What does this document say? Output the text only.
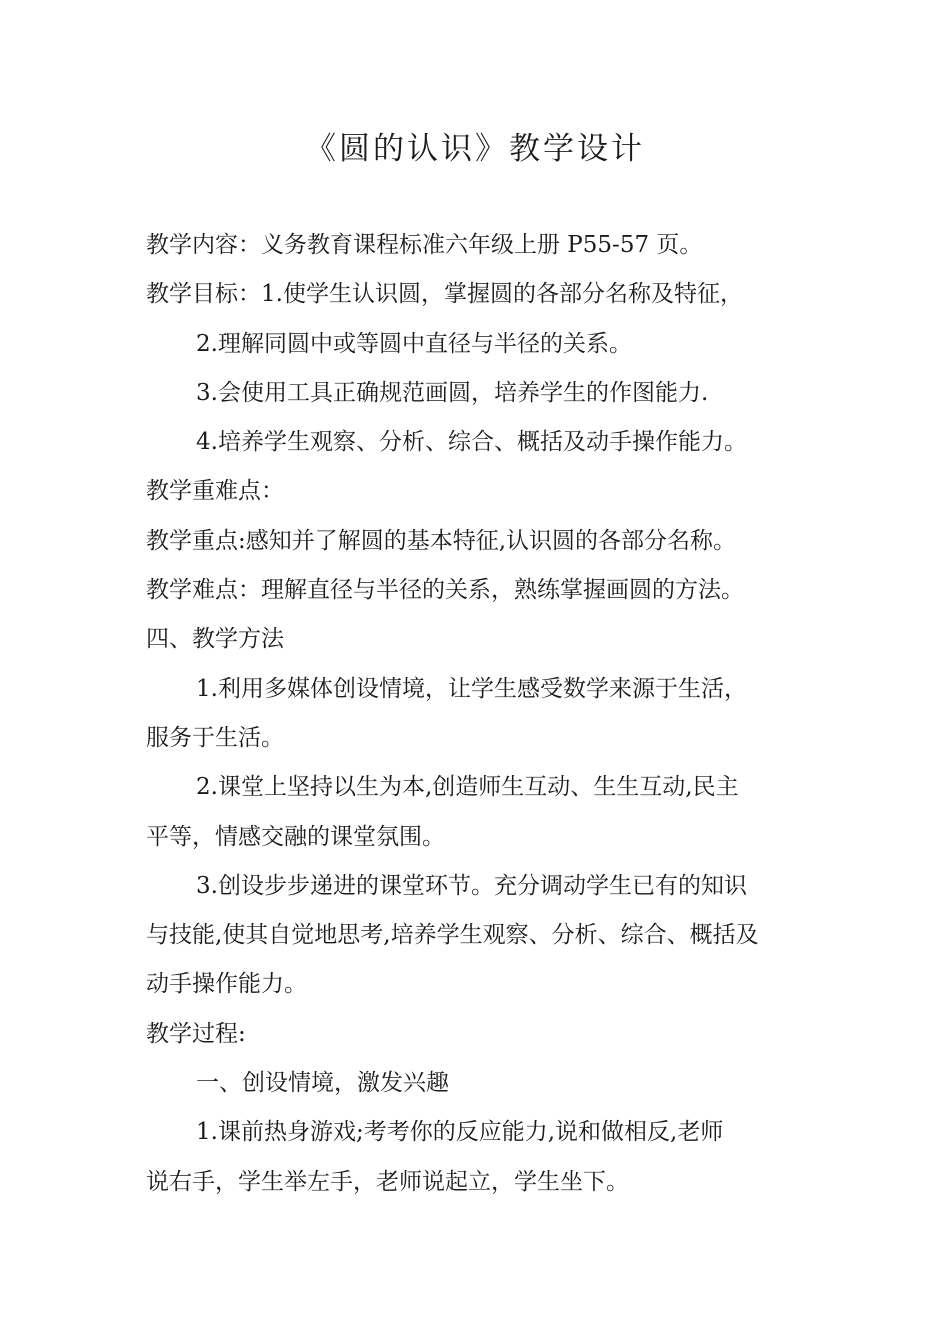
《圆的认识》教学设计
教学内容：义务教育课程标准六年级上册 P55-57 页。
教学目标：1.使学生认识圆，掌握圆的各部分名称及特征，
2.理解同圆中或等圆中直径与半径的关系。
3.会使用工具正确规范画圆，培养学生的作图能力.
4.培养学生观察、分析、综合、概括及动手操作能力。
教学重难点：
教学重点:感知并了解圆的基本特征,认识圆的各部分名称。
教学难点：理解直径与半径的关系，熟练掌握画圆的方法。
四、教学方法
1.利用多媒体创设情境，让学生感受数学来源于生活，
服务于生活。
2.课堂上坚持以生为本,创造师生互动、生生互动,民主
平等，情感交融的课堂氛围。
3.创设步步递进的课堂环节。充分调动学生已有的知识
与技能,使其自觉地思考,培养学生观察、分析、综合、概括及
动手操作能力。
教学过程:
一、创设情境，激发兴趣
1.课前热身游戏;考考你的反应能力,说和做相反,老师
说右手，学生举左手，老师说起立，学生坐下。
